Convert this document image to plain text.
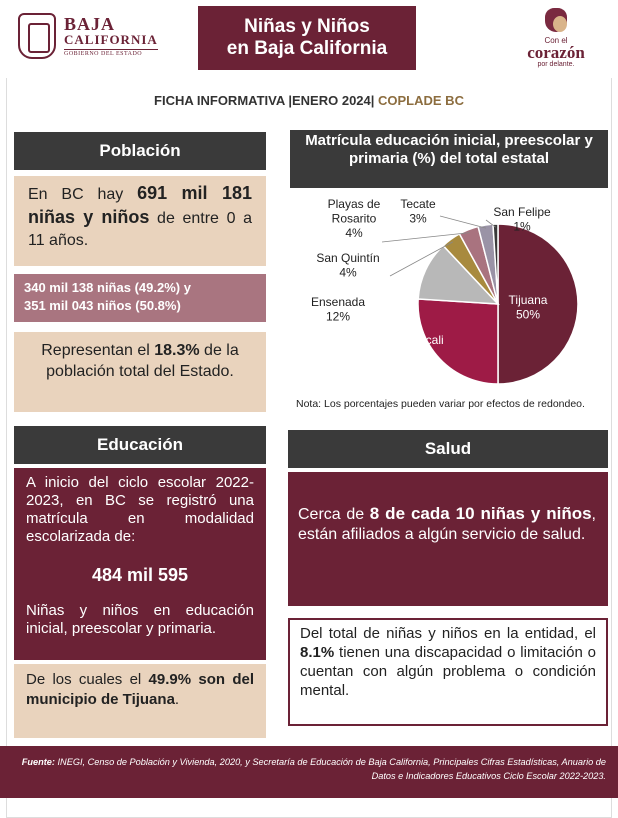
BAJA
CALIFORNIA
GOBIERNO DEL ESTADO
Niñas y Niños
en Baja California	Con el
corazón
por delante.
FICHA INFORMATIVA |ENERO 2024| COPLADE BC
Población
En BC hay 691 mil 181 niñas y niños de entre 0 a 11 años.
340 mil 138 niñas (49.2%) y
351 mil 043 niños (50.8%)
Representan el 18.3% de la población total del Estado.
Educación
A inicio del ciclo escolar 2022-2023, en BC se registró una matrícula en modalidad escolarizada de:
484 mil 595
Niñas y niños en educación inicial, preescolar y primaria.
De los cuales el 49.9% son del municipio de Tijuana.
Matrícula educación inicial, preescolar y primaria (%) del total estatal
Tijuana 50%
Mexicali 26%
Ensenada 12%
San Quintín 4%
Playas de Rosarito 4%
Tecate 3%	San Felipe 1%
Nota: Los porcentajes pueden variar por efectos de redondeo.
Salud
Cerca de 8 de cada 10 niñas y niños, están afiliados a algún servicio de salud.
Del total de niñas y niños en la entidad, el 8.1% tienen una discapacidad o limitación o cuentan con algún problema o condición mental.
Fuente: INEGI, Censo de Población y Vivienda, 2020, y Secretaría de Educación de Baja California, Principales Cifras Estadísticas, Anuario de Datos e Indicadores Educativos Ciclo Escolar 2022-2023.
